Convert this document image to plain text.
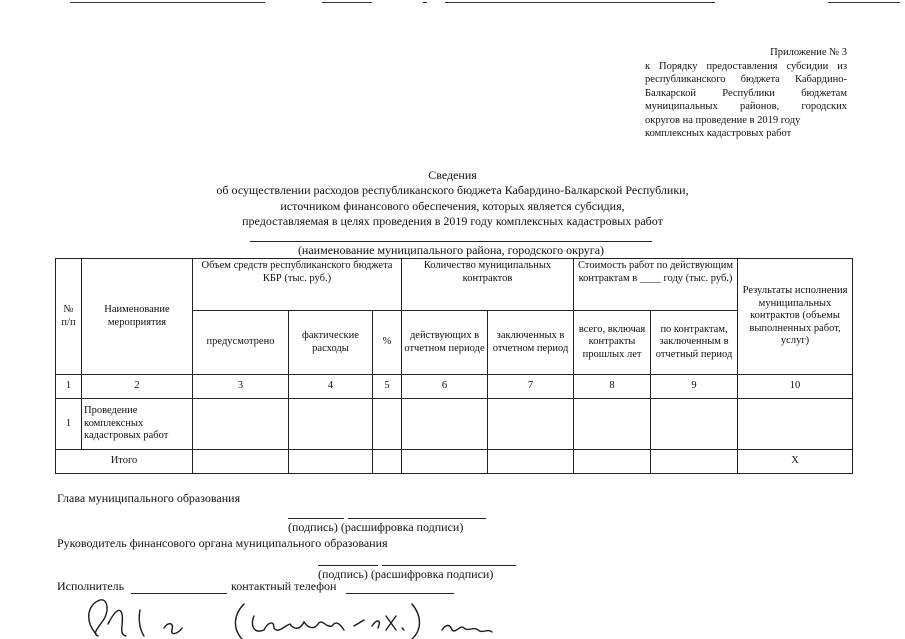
Приложение № 3
к Порядку предоставления субсидии из
республиканского бюджета Кабардино-
Балкарской Республики бюджетам
муниципальных районов, городских
округов на проведение в 2019 году
комплексных кадастровых работ
Сведения
об осуществлении расходов республиканского бюджета Кабардино-Балкарской Республики,
источником финансового обеспечения, которых является субсидия,
предоставляемая в целях проведения в 2019 году комплексных кадастровых работ
(наименование муниципального района, городского округа)
№ п/п	Наименование мероприятия	Объем средств республиканского бюджета КБР (тыс. руб.)			Количество муниципальных контрактов		Стоимость работ по действующим контрактам в ____ году (тыс. руб.)		Результаты исполнения муниципальных контрактов (объемы выполненных работ, услуг)
		предусмотрено	фактические расходы	%	действующих в отчетном периоде	заключенных в отчетном период	всего, включая контракты прошлых лет	по контрактам, заключенным в отчетный период	
1	2	3	4	5	6	7	8	9	10
1	Проведение комплексных кадастровых работ								
Итого									Х
Глава муниципального образования
(подпись) (расшифровка подписи)
Руководитель финансового органа муниципального образования
(подпись) (расшифровка подписи)
Исполнитель	контактный телефон
